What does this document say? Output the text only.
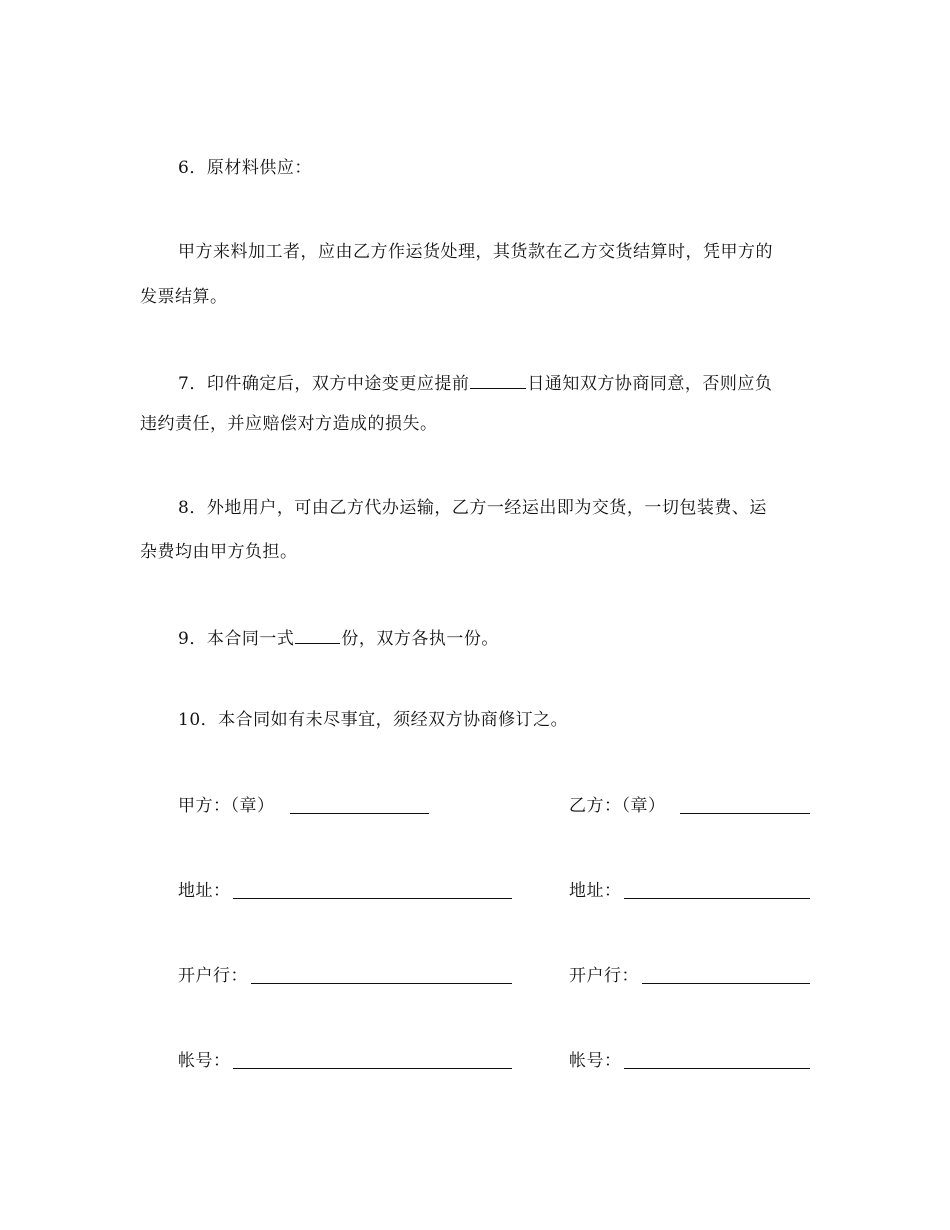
6．原材料供应：
甲方来料加工者，应由乙方作运货处理，其货款在乙方交货结算时，凭甲方的
发票结算。
7．印件确定后，双方中途变更应提前	日通知双方协商同意，否则应负
违约责任，并应赔偿对方造成的损失。
8．外地用户，可由乙方代办运输，乙方一经运出即为交货，一切包装费、运
杂费均由甲方负担。
9．本合同一式	份，双方各执一份。
10．本合同如有未尽事宜，须经双方协商修订之。
甲方：（章）
地址：
开户行：
帐号：
乙方：（章）
地址：
开户行：
帐号：
